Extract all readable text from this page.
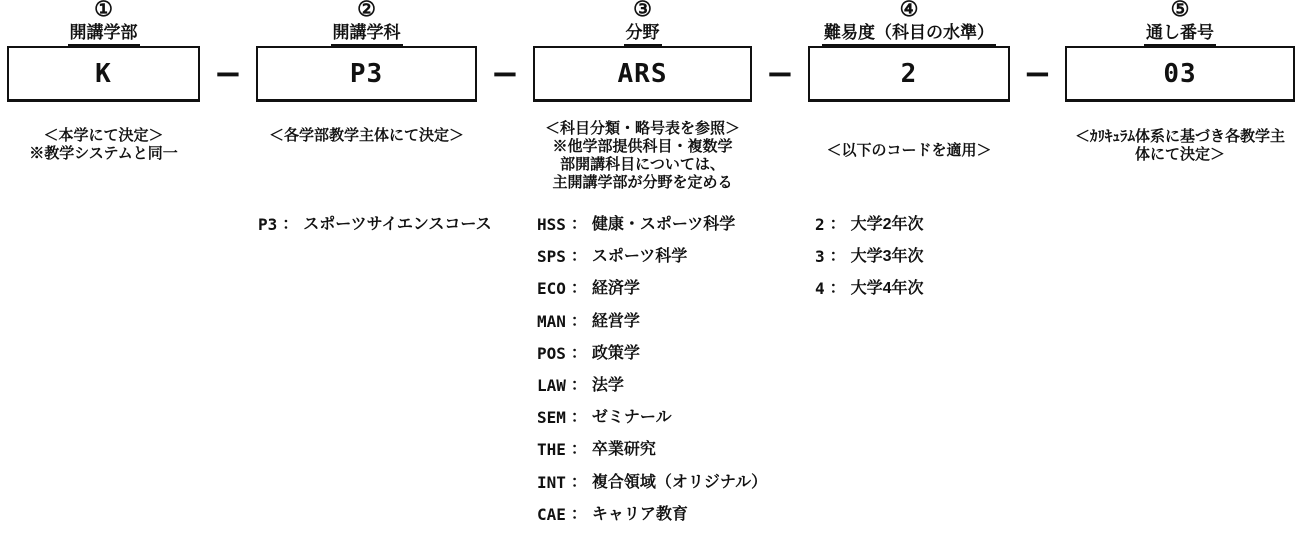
①
開講学部
K
＜本学にて決定＞
※教学システムと同一
②
開講学科
P3
＜各学部教学主体にて決定＞
P3 ： スポーツサイエンスコース
③
分野
ARS
＜科目分類・略号表を参照＞
※他学部提供科目・複数学
部開講科目については、
主開講学部が分野を定める
HSS ： 健康・スポーツ科学
SPS ： スポーツ科学
ECO ： 経済学
MAN ： 経営学
POS ： 政策学
LAW ： 法学
SEM ： ゼミナール
THE ： 卒業研究
INT ： 複合領域（オリジナル）
CAE ： キャリア教育
④
難易度（科目の水準）
2
＜以下のコードを適用＞
2 ： 大学2年次
3 ： 大学3年次
4 ： 大学4年次
⑤
通し番号
03
＜ｶﾘｷｭﾗﾑ体系に基づき各教学主
体にて決定＞
−	−	−	−
